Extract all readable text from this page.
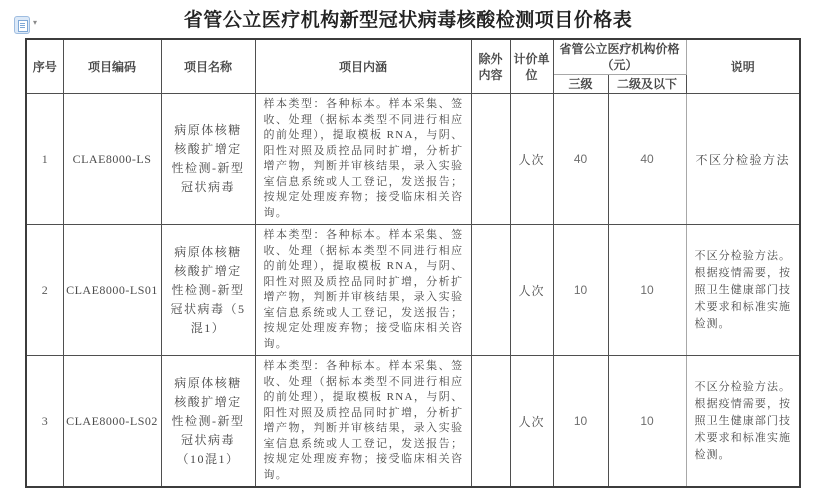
▾	省管公立医疗机构新型冠状病毒核酸检测项目价格表
序号	项目编码	项目名称	项目内涵	除外内容	计价单位	省管公立医疗机构价格（元）		说明
						三级	二级及以下	
1	CLAE8000-LS	病原体核糖核酸扩增定性检测-新型冠状病毒	样本类型：各种标本。样本采集、签收、处理（据标本类型不同进行相应的前处理），提取模板 RNA，与阴、阳性对照及质控品同时扩增，分析扩增产物，判断并审核结果，录入实验室信息系统或人工登记，发送报告；按规定处理废弃物；接受临床相关咨询。		人次	40	40	不区分检验方法
2	CLAE8000-LS01	病原体核糖核酸扩增定性检测-新型冠状病毒（5混1）	样本类型：各种标本。样本采集、签收、处理（据标本类型不同进行相应的前处理），提取模板 RNA，与阴、阳性对照及质控品同时扩增，分析扩增产物，判断并审核结果，录入实验室信息系统或人工登记，发送报告；按规定处理废弃物；接受临床相关咨询。		人次	10	10	不区分检验方法。根据疫情需要，按照卫生健康部门技术要求和标准实施检测。
3	CLAE8000-LS02	病原体核糖核酸扩增定性检测-新型冠状病毒（10混1）	样本类型：各种标本。样本采集、签收、处理（据标本类型不同进行相应的前处理），提取模板 RNA，与阴、阳性对照及质控品同时扩增，分析扩增产物，判断并审核结果，录入实验室信息系统或人工登记，发送报告；按规定处理废弃物；接受临床相关咨询。		人次	10	10	不区分检验方法。根据疫情需要，按照卫生健康部门技术要求和标准实施检测。
